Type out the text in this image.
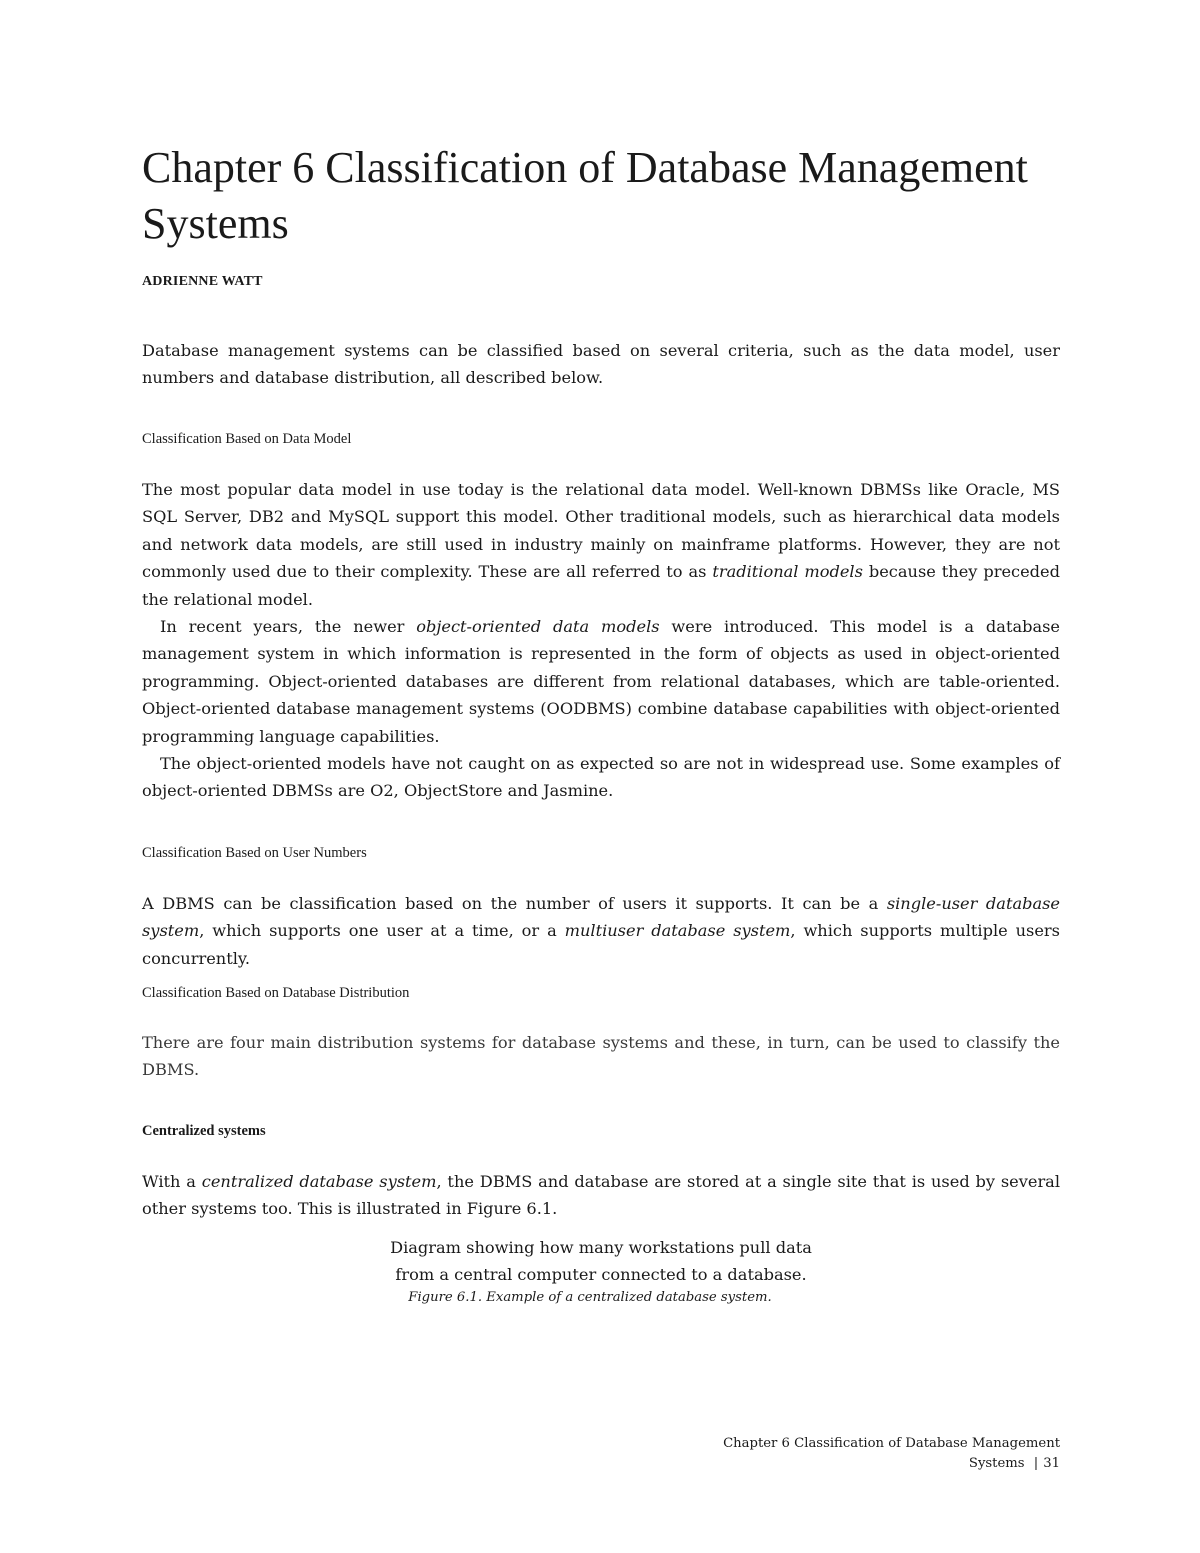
Chapter 6 Classification of Database Management Systems

ADRIENNE WATT

Database management systems can be classified based on several criteria, such as the data model, user numbers and database distribution, all described below.

Classification Based on Data Model

The most popular data model in use today is the relational data model. Well-known DBMSs like Oracle, MS SQL Server, DB2 and MySQL support this model. Other traditional models, such as hierarchical data models and network data models, are still used in industry mainly on mainframe platforms. However, they are not commonly used due to their complexity. These are all referred to as traditional models because they preceded the relational model.

In recent years, the newer object-oriented data models were introduced. This model is a database management system in which information is represented in the form of objects as used in object-oriented programming. Object-oriented databases are different from relational databases, which are table-oriented. Object-oriented database management systems (OODBMS) combine database capabilities with object-oriented programming language capabilities.

The object-oriented models have not caught on as expected so are not in widespread use. Some examples of object-oriented DBMSs are O2, ObjectStore and Jasmine.

Classification Based on User Numbers

A DBMS can be classification based on the number of users it supports. It can be a single-user database system, which supports one user at a time, or a multiuser database system, which supports multiple users concurrently.

Classification Based on Database Distribution

There are four main distribution systems for database systems and these, in turn, can be used to classify the DBMS.

Centralized systems

With a centralized database system, the DBMS and database are stored at a single site that is used by several other systems too. This is illustrated in Figure 6.1.

Diagram showing how many workstations pull data from a central computer connected to a database.
Figure 6.1. Example of a centralized database system.
Chapter 6 Classification of Database Management Systems | 31
